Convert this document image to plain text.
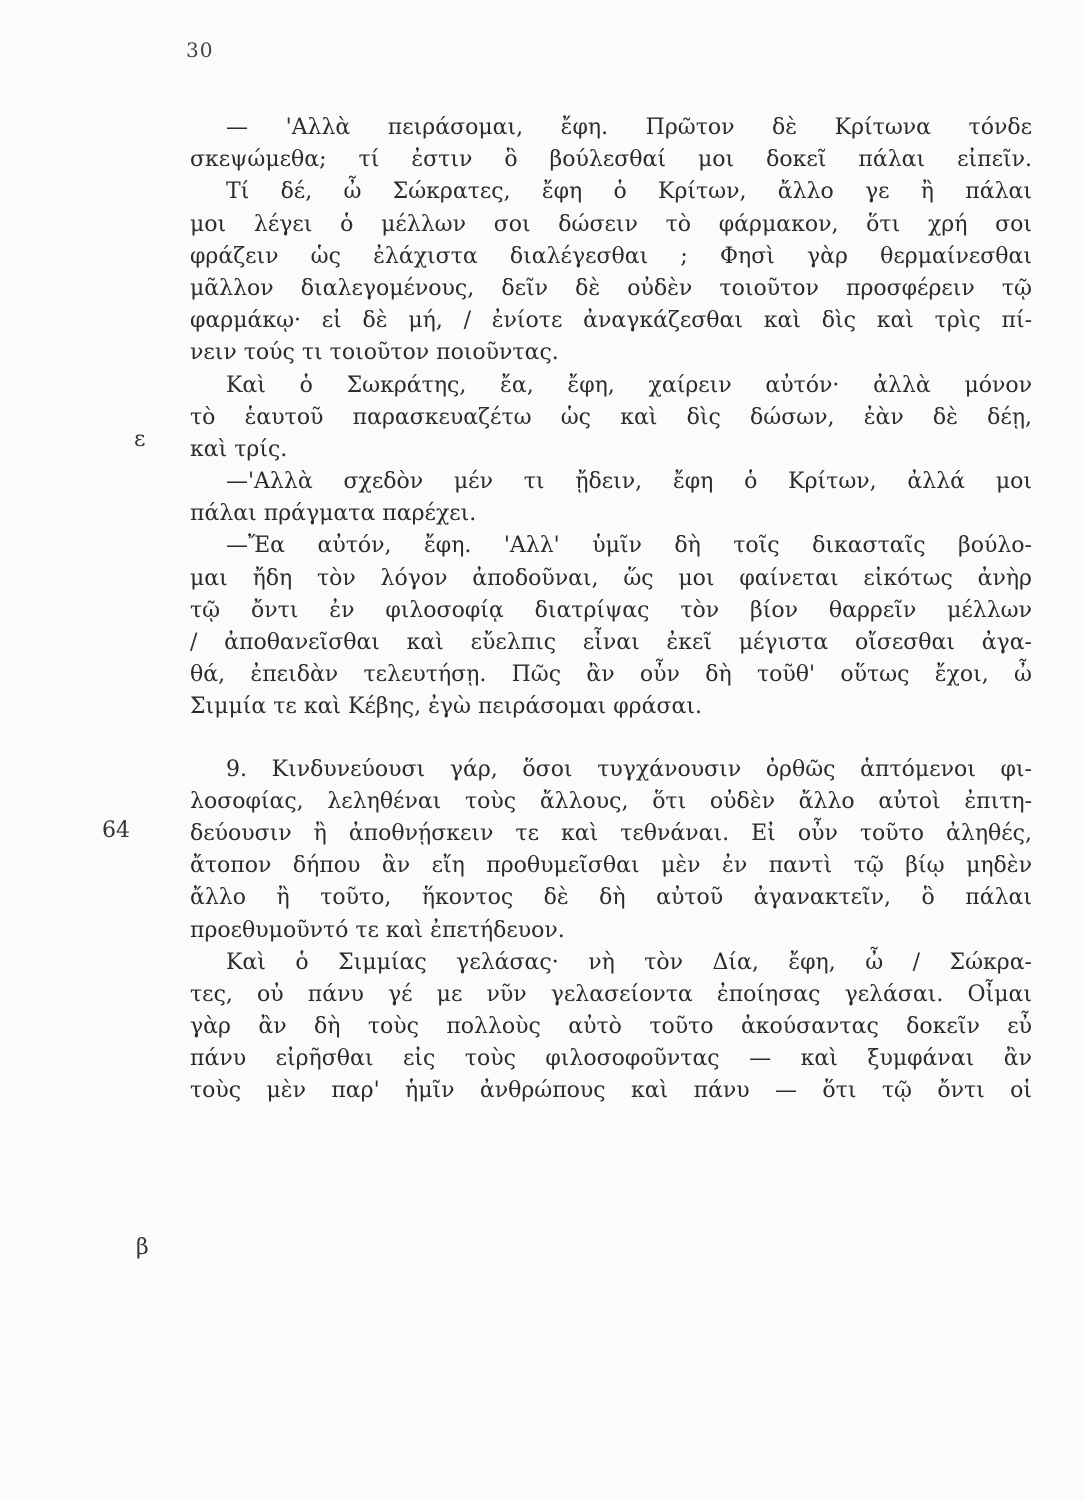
30
ε
64
β
— 'Αλλὰ πειράσομαι, ἔφη. Πρῶτον δὲ Κρίτωνα τόνδε
σκεψώμεθα; τί ἐστιν ὃ βούλεσθαί μοι δοκεῖ πάλαι εἰπεῖν.
Τί δέ, ὦ Σώκρατες, ἔφη ὁ Κρίτων, ἄλλο γε ἢ πάλαι
μοι λέγει ὁ μέλλων σοι δώσειν τὸ φάρμακον, ὅτι χρή σοι
φράζειν ὡς ἐλάχιστα διαλέγεσθαι ; Φησὶ γὰρ θερμαίνεσθαι
μᾶλλον διαλεγομένους, δεῖν δὲ οὐδὲν τοιοῦτον προσφέρειν τῷ
φαρμάκῳ· εἰ δὲ μή, / ἐνίοτε ἀναγκάζεσθαι καὶ δὶς καὶ τρὶς πί-
νειν τούς τι τοιοῦτον ποιοῦντας.
Καὶ ὁ Σωκράτης, ἔα, ἔφη, χαίρειν αὐτόν· ἀλλὰ μόνον
τὸ ἑαυτοῦ παρασκευαζέτω ὡς καὶ δὶς δώσων, ἐὰν δὲ δέῃ,
καὶ τρίς.
—'Αλλὰ σχεδὸν μέν τι ᾔδειν, ἔφη ὁ Κρίτων, ἀλλά μοι
πάλαι πράγματα παρέχει.
—Ἔα αὐτόν, ἔφη. 'Αλλ' ὑμῖν δὴ τοῖς δικασταῖς βούλο-
μαι ἤδη τὸν λόγον ἀποδοῦναι, ὥς μοι φαίνεται εἰκότως ἀνὴρ
τῷ ὄντι ἐν φιλοσοφίᾳ διατρίψας τὸν βίον θαρρεῖν μέλλων
/ ἀποθανεῖσθαι καὶ εὔελπις εἶναι ἐκεῖ μέγιστα οἴσεσθαι ἀγα-
θά, ἐπειδὰν τελευτήσῃ. Πῶς ἂν οὖν δὴ τοῦθ' οὕτως ἔχοι, ὦ
Σιμμία τε καὶ Κέβης, ἐγὼ πειράσομαι φράσαι.
9. Κινδυνεύουσι γάρ, ὅσοι τυγχάνουσιν ὀρθῶς ἁπτόμενοι φι-
λοσοφίας, λεληθέναι τοὺς ἄλλους, ὅτι οὐδὲν ἄλλο αὐτοὶ ἐπιτη-
δεύουσιν ἢ ἀποθνῄσκειν τε καὶ τεθνάναι. Εἰ οὖν τοῦτο ἀληθές,
ἄτοπον δήπου ἂν εἴη προθυμεῖσθαι μὲν ἐν παντὶ τῷ βίῳ μηδὲν
ἄλλο ἢ τοῦτο, ἥκοντος δὲ δὴ αὐτοῦ ἀγανακτεῖν, ὃ πάλαι
προεθυμοῦντό τε καὶ ἐπετήδευον.
Καὶ ὁ Σιμμίας γελάσας· νὴ τὸν Δία, ἔφη, ὦ / Σώκρα-
τες, οὐ πάνυ γέ με νῦν γελασείοντα ἐποίησας γελάσαι. Οἶμαι
γὰρ ἂν δὴ τοὺς πολλοὺς αὐτὸ τοῦτο ἀκούσαντας δοκεῖν εὖ
πάνυ εἰρῆσθαι εἰς τοὺς φιλοσοφοῦντας — καὶ ξυμφάναι ἂν
τοὺς μὲν παρ' ἡμῖν ἀνθρώπους καὶ πάνυ — ὅτι τῷ ὄντι οἱ
